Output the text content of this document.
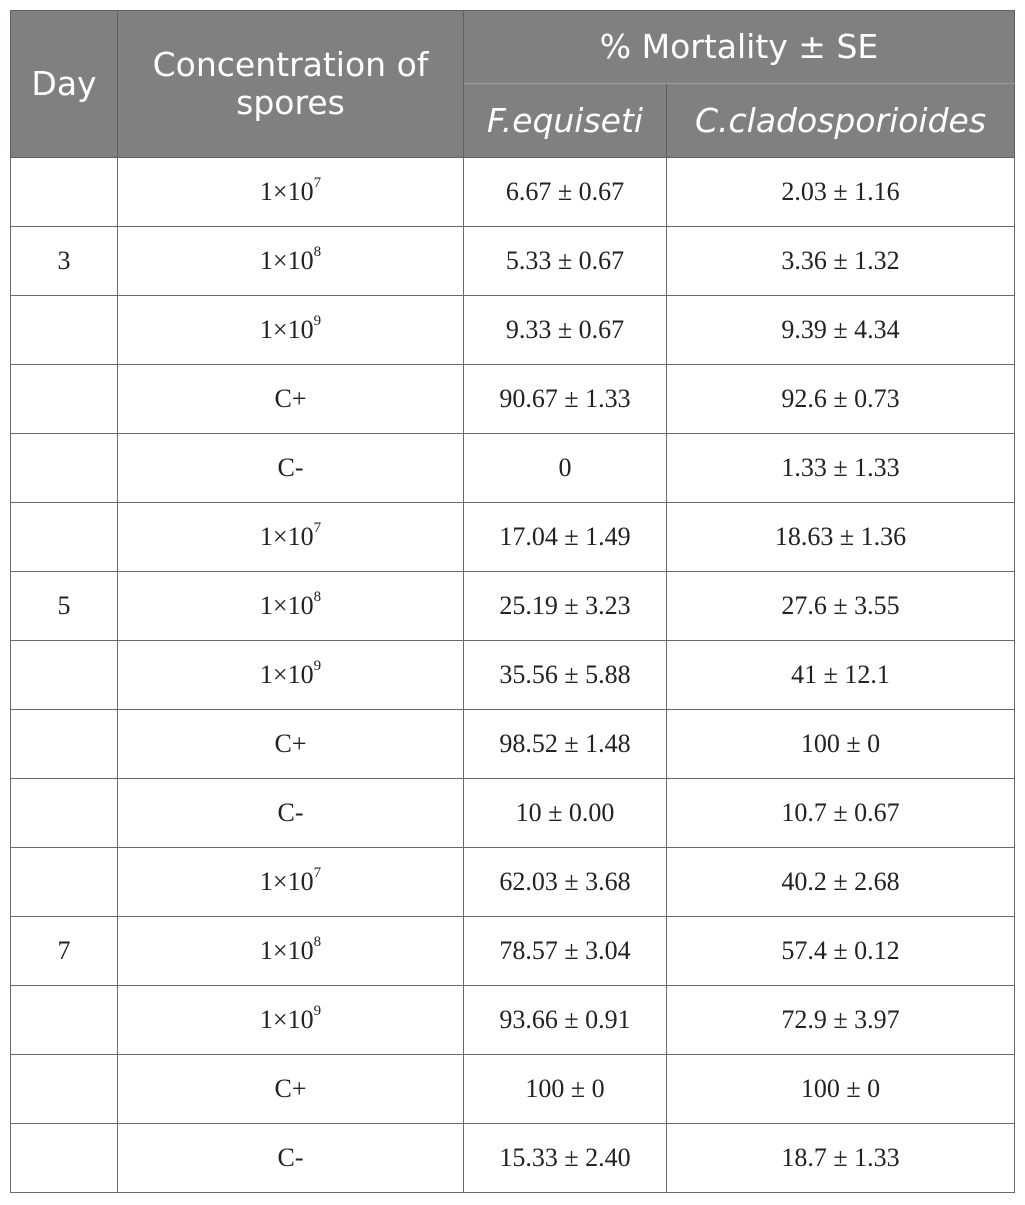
Day	Concentration of spores	% Mortality ± SE	
		F.equiseti	C.cladosporioides
	$1\times 10^7$	6.67 ± 0.67	2.03 ± 1.16
3	$1\times 10^8$	5.33 ± 0.67	3.36 ± 1.32
	$1\times 10^9$	9.33 ± 0.67	9.39 ± 4.34
	C+	90.67 ± 1.33	92.6 ± 0.73
	C-	0	1.33 ± 1.33
	$1\times 10^7$	17.04 ± 1.49	18.63 ± 1.36
5	$1\times 10^8$	25.19 ± 3.23	27.6 ± 3.55
	$1\times 10^9$	35.56 ± 5.88	41 ± 12.1
	C+	98.52 ± 1.48	100 ± 0
	C-	10 ± 0.00	10.7 ± 0.67
	$1\times 10^7$	62.03 ± 3.68	40.2 ± 2.68
7	$1\times 10^8$	78.57 ± 3.04	57.4 ± 0.12
	$1\times 10^9$	93.66 ± 0.91	72.9 ± 3.97
	C+	100 ± 0	100 ± 0
	C-	15.33 ± 2.40	18.7 ± 1.33
